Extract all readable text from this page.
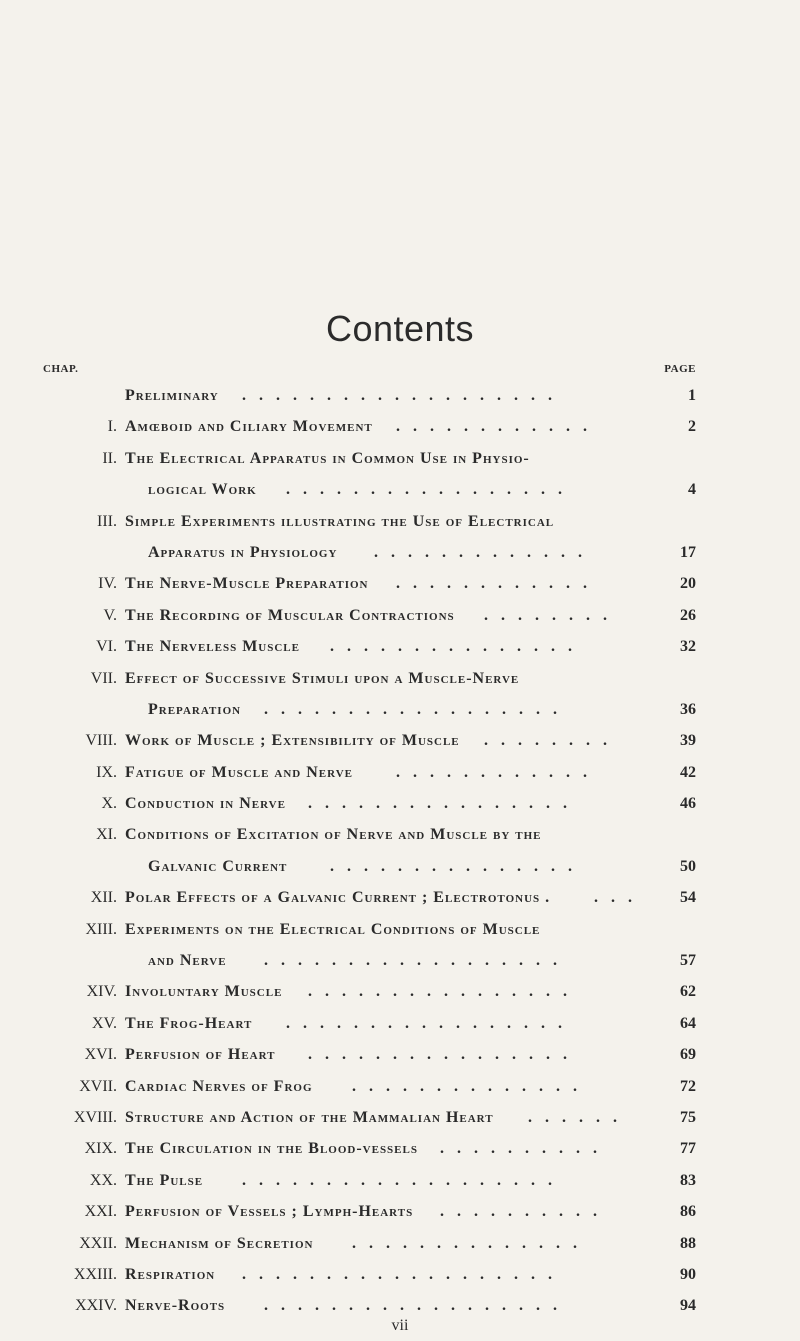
Contents
CHAP.	PAGE
Preliminary	1
...................
I. Amœboid and Ciliary Movement	2
............
II. The Electrical Apparatus in Common Use in Physio-
logical Work	4
.................
III. Simple Experiments illustrating the Use of Electrical
Apparatus in Physiology	17
.............
IV. The Nerve-Muscle Preparation	20
............
V. The Recording of Muscular Contractions	26
........
VI. The Nerveless Muscle	32
...............
VII. Effect of Successive Stimuli upon a Muscle-Nerve
Preparation	36
..................
VIII. Work of Muscle ; Extensibility of Muscle	39
........
IX. Fatigue of Muscle and Nerve	42
............
X. Conduction in Nerve	46
................
XI. Conditions of Excitation of Nerve and Muscle by the
Galvanic Current	50
...............
XII. Polar Effects of a Galvanic Current ; Electrotonus .	54
...
XIII. Experiments on the Electrical Conditions of Muscle
and Nerve	57
..................
XIV. Involuntary Muscle	62
................
XV. The Frog-Heart	64
.................
XVI. Perfusion of Heart	69
................
XVII. Cardiac Nerves of Frog	72
..............
XVIII. Structure and Action of the Mammalian Heart	75
......
XIX. The Circulation in the Blood-vessels	77
..........
XX. The Pulse	83
...................
XXI. Perfusion of Vessels ; Lymph-Hearts	86
..........
XXII. Mechanism of Secretion	88
..............
XXIII. Respiration	90
...................
XXIV. Nerve-Roots	94
..................
vii
